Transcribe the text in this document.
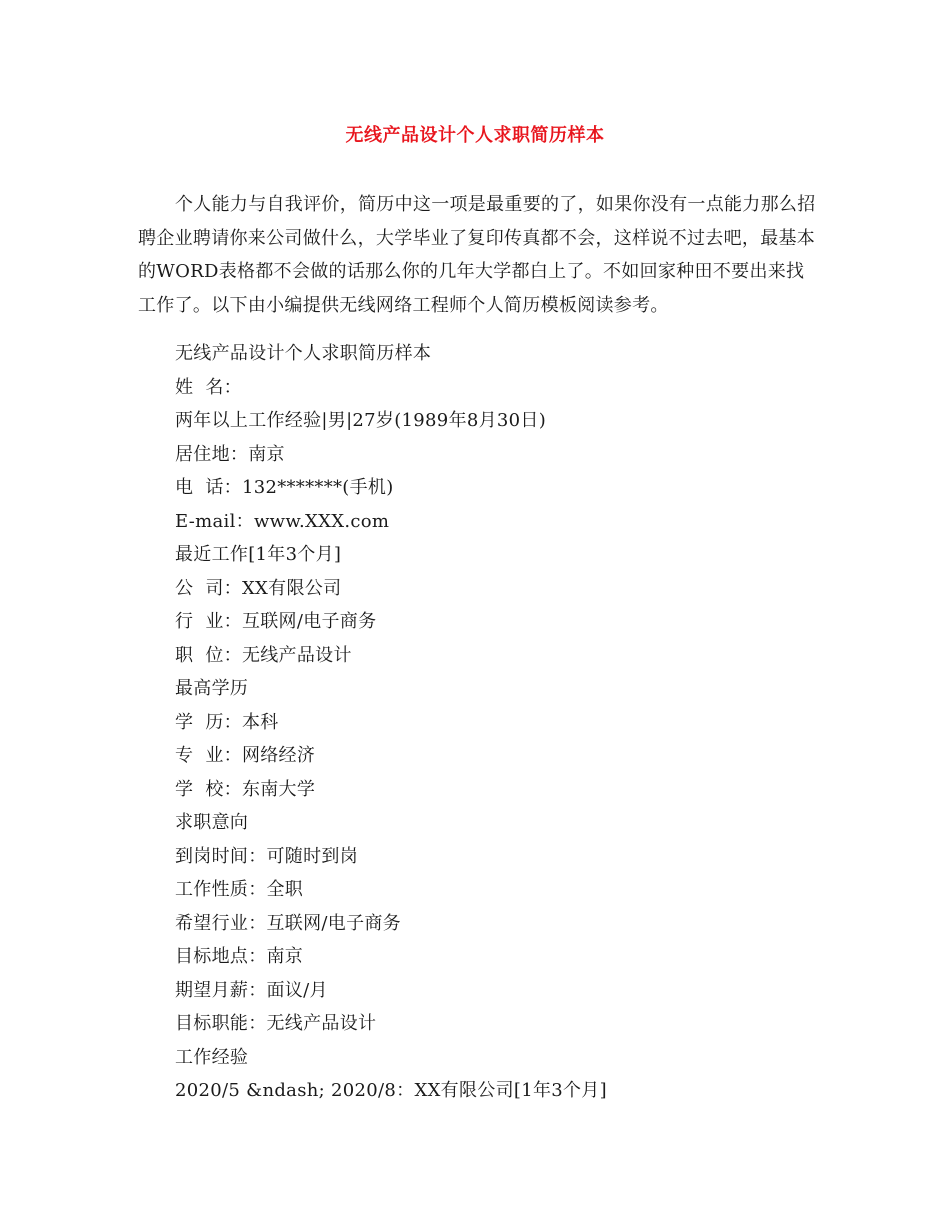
无线产品设计个人求职简历样本

个人能力与自我评价，简历中这一项是最重要的了，如果你没有一点能力那么招聘企业聘请你来公司做什么，大学毕业了复印传真都不会，这样说不过去吧，最基本的WORD表格都不会做的话那么你的几年大学都白上了。不如回家种田不要出来找工作了。以下由小编提供无线网络工程师个人简历模板阅读参考。

无线产品设计个人求职简历样本
姓  名：
两年以上工作经验|男|27岁(1989年8月30日)
居住地：南京
电  话：132*******(手机)
E-mail：www.XXX.com
最近工作[1年3个月]
公  司：XX有限公司
行  业：互联网/电子商务
职  位：无线产品设计
最高学历
学  历：本科
专  业：网络经济
学  校：东南大学
求职意向
到岗时间：可随时到岗
工作性质：全职
希望行业：互联网/电子商务
目标地点：南京
期望月薪：面议/月
目标职能：无线产品设计
工作经验
2020/5 &ndash; 2020/8：XX有限公司[1年3个月]
